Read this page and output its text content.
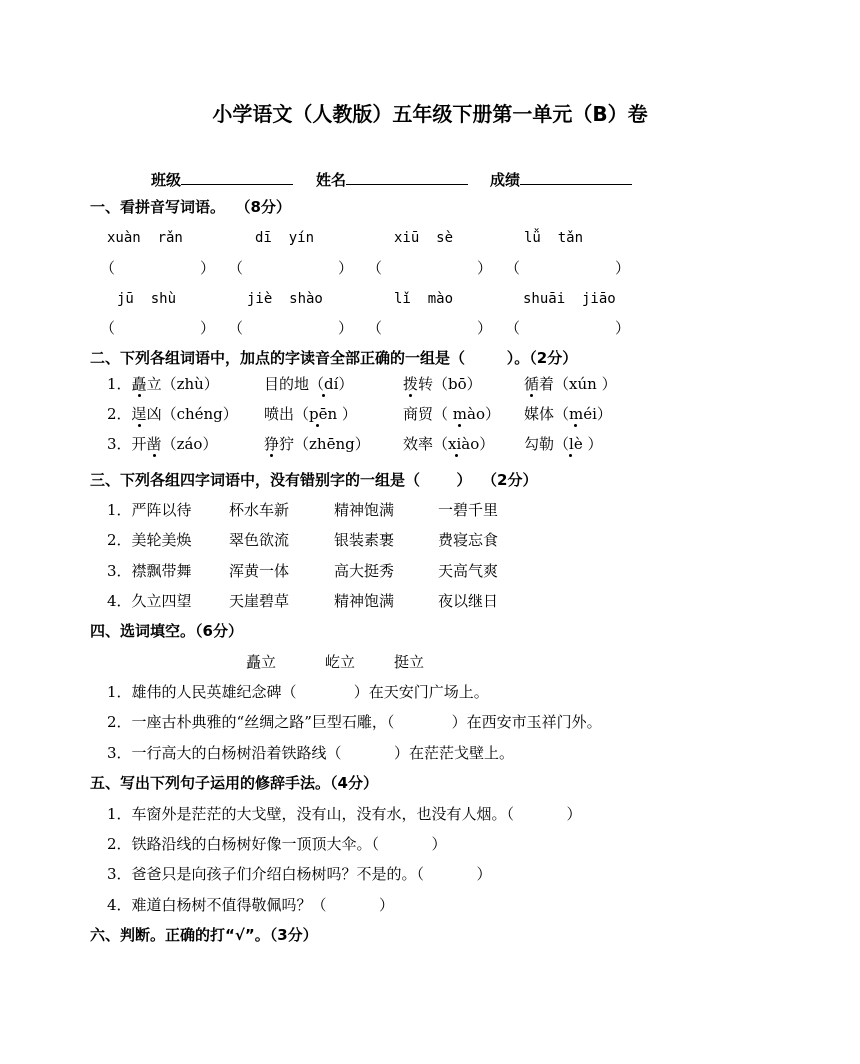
小学语文（人教版）五年级下册第一单元（B）卷
班级	姓名	成绩
一、看拼音写词语。  （8分）
xuàn  rǎn	dī  yín	xiū  sè	lǚ  tǎn
（	） （	） （	） （	）
jū  shù	jiè  shào	lǐ  mào	shuāi  jiāo
（	） （	） （	） （	）
二、下列各组词语中，加点的字读音全部正确的一组是（        ）。（2分）
1．矗立（zhù）	目的地（dí）	拨转（bō）	循着（xún ）
2．逞凶（chéng） 喷出（pēn ）	商贸（ mào） 媒体（méi）
3．开凿（záo）	狰狞（zhēng） 效率（xiào） 勾勒（lè ）
三、下列各组四字词语中，没有错别字的一组是（       ）  （2分）
1．严阵以待 杯水车新	精神饱满	一碧千里
2．美轮美焕 翠色欲流	银装素裹	费寝忘食
3．襟飘带舞 浑黄一体	高大挺秀	天高气爽
4．久立四望 天崖碧草	精神饱满	夜以继日
四、选词填空。（6分）
矗立	屹立	挺立
1．雄伟的人民英雄纪念碑（            ）在天安门广场上。
2．一座古朴典雅的“丝绸之路”巨型石雕，（            ）在西安市玉祥门外。
3．一行高大的白杨树沿着铁路线（           ）在茫茫戈壁上。
五、写出下列句子运用的修辞手法。（4分）
1．车窗外是茫茫的大戈壁，没有山，没有水，也没有人烟。（           ）
2．铁路沿线的白杨树好像一顶顶大伞。（           ）
3．爸爸只是向孩子们介绍白杨树吗？不是的。（           ）
4．难道白杨树不值得敬佩吗？（           ）
六、判断。正确的打“√”。（3分）
